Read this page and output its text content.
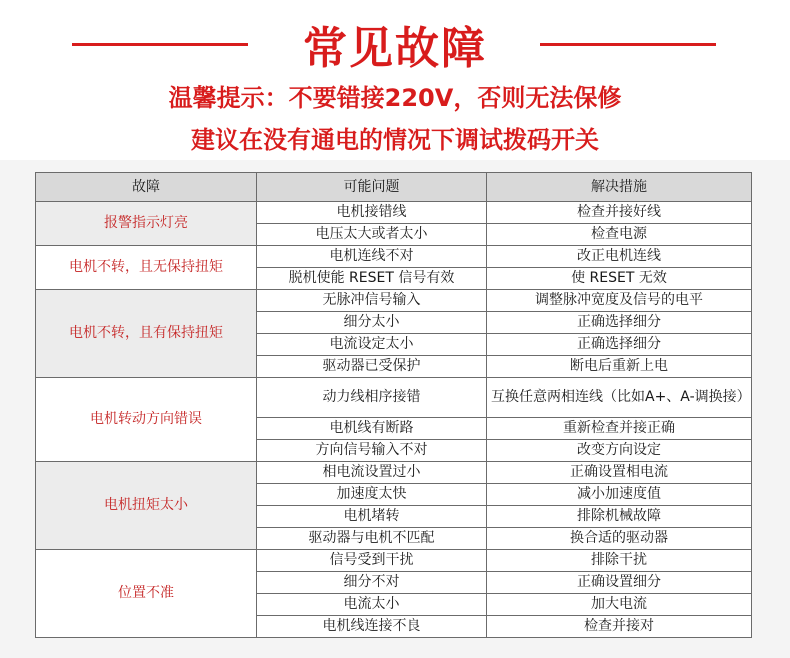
常见故障
温馨提示：不要错接220V，否则无法保修
建议在没有通电的情况下调试拨码开关
故障	可能问题	解决措施
报警指示灯亮	电机接错线	检查并接好线
	电压太大或者太小	检查电源
电机不转，且无保持扭矩	电机连线不对	改正电机连线
	脱机使能 RESET 信号有效	使 RESET 无效
电机不转，且有保持扭矩	无脉冲信号输入	调整脉冲宽度及信号的电平
	细分太小	正确选择细分
	电流设定太小	正确选择细分
	驱动器已受保护	断电后重新上电
电机转动方向错误	动力线相序接错	互换任意两相连线（比如A+、A-调换接）
	电机线有断路	重新检查并接正确
	方向信号输入不对	改变方向设定
电机扭矩太小	相电流设置过小	正确设置相电流
	加速度太快	减小加速度值
	电机堵转	排除机械故障
	驱动器与电机不匹配	换合适的驱动器
位置不准	信号受到干扰	排除干扰
	细分不对	正确设置细分
	电流太小	加大电流
	电机线连接不良	检查并接对
